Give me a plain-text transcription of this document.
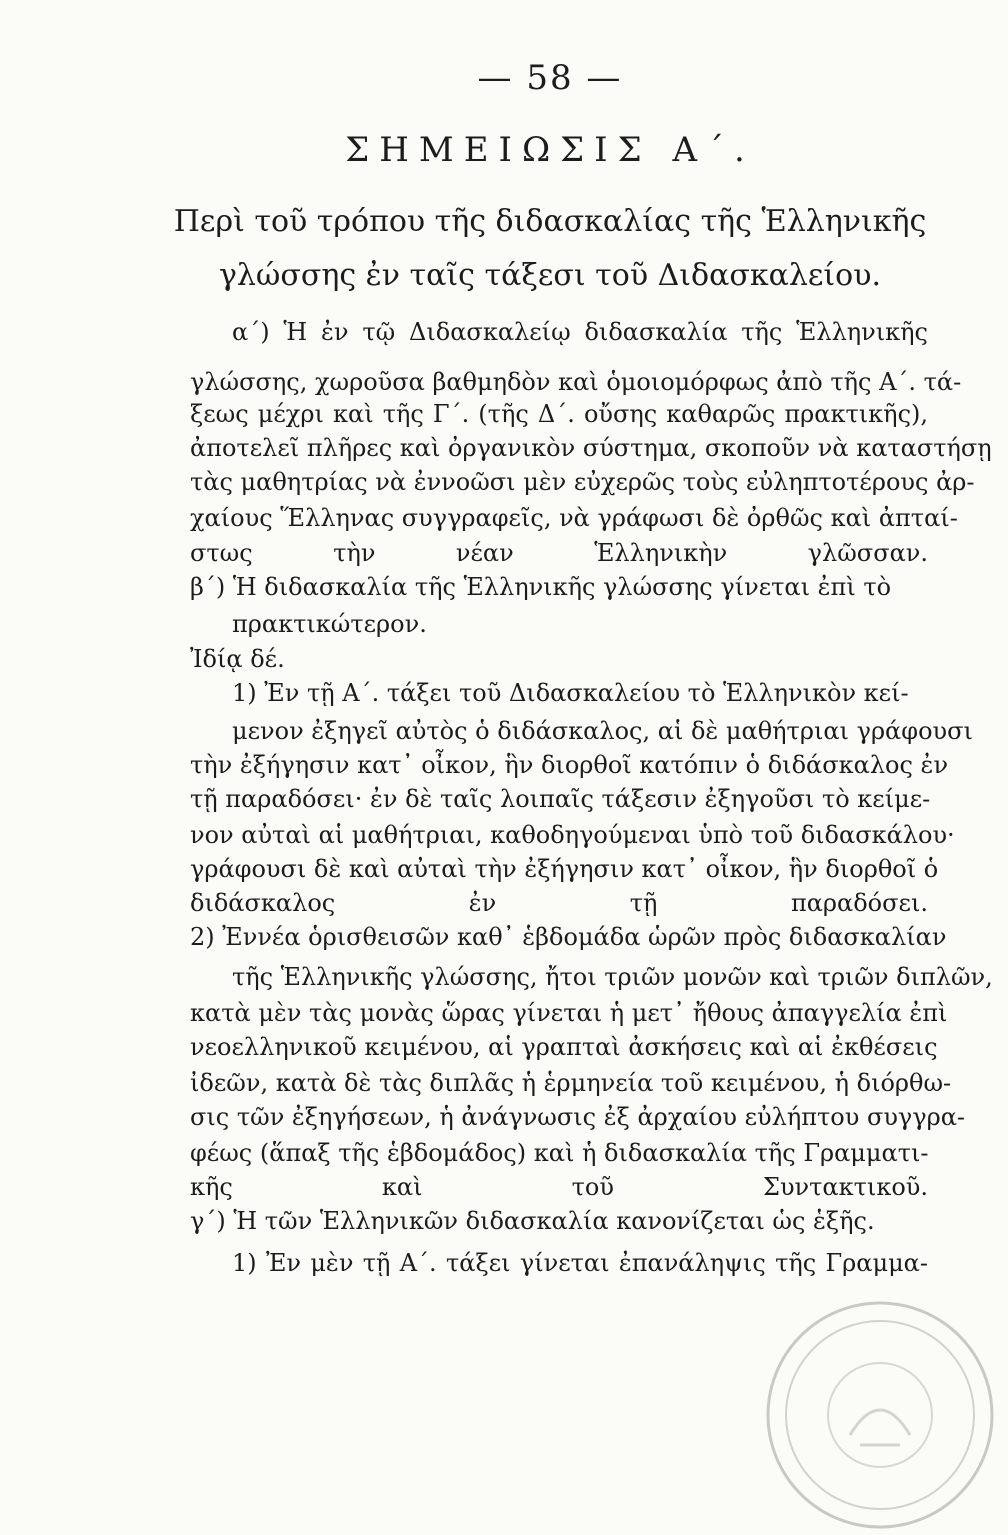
— 58 —
ΣΗΜΕΙΩΣΙΣ Α΄.
Περὶ τοῦ τρόπου τῆς διδασκαλίας τῆς Ἑλληνικῆς
γλώσσης ἐν ταῖς τάξεσι τοῦ Διδασκαλείου.
α΄) Ἡ ἐν τῷ Διδασκαλείῳ διδασκαλία τῆς Ἑλληνικῆς
γλώσσης, χωροῦσα βαθμηδὸν καὶ ὁμοιομόρφως ἀπὸ τῆς Α΄. τά-
ξεως μέχρι καὶ τῆς Γ΄. (τῆς Δ΄. οὔσης καθαρῶς πρακτικῆς),
ἀποτελεῖ πλῆρες καὶ ὀργανικὸν σύστημα, σκοποῦν νὰ καταστήσῃ
τὰς μαθητρίας νὰ ἐννοῶσι μὲν εὐχερῶς τοὺς εὐληπτοτέρους ἀρ-
χαίους Ἕλληνας συγγραφεῖς, νὰ γράφωσι δὲ ὀρθῶς καὶ ἀπταί-
στως τὴν νέαν Ἑλληνικὴν γλῶσσαν.
β΄) Ἡ διδασκαλία τῆς Ἑλληνικῆς γλώσσης γίνεται ἐπὶ τὸ
πρακτικώτερον.
Ἰδίᾳ δέ.
1) Ἐν τῇ Α΄. τάξει τοῦ Διδασκαλείου τὸ Ἑλληνικὸν κεί-
μενον ἐξηγεῖ αὐτὸς ὁ διδάσκαλος, αἱ δὲ μαθήτριαι γράφουσι
τὴν ἐξήγησιν κατ᾽ οἶκον, ἣν διορθοῖ κατόπιν ὁ διδάσκαλος ἐν
τῇ παραδόσει· ἐν δὲ ταῖς λοιπαῖς τάξεσιν ἐξηγοῦσι τὸ κείμε-
νον αὐταὶ αἱ μαθήτριαι, καθοδηγούμεναι ὑπὸ τοῦ διδασκάλου·
γράφουσι δὲ καὶ αὐταὶ τὴν ἐξήγησιν κατ᾽ οἶκον, ἣν διορθοῖ ὁ
διδάσκαλος ἐν τῇ παραδόσει.
2) Ἐννέα ὁρισθεισῶν καθ᾽ ἑβδομάδα ὡρῶν πρὸς διδασκαλίαν
τῆς Ἑλληνικῆς γλώσσης, ἤτοι τριῶν μονῶν καὶ τριῶν διπλῶν,
κατὰ μὲν τὰς μονὰς ὥρας γίνεται ἡ μετ᾽ ἤθους ἀπαγγελία ἐπὶ
νεοελληνικοῦ κειμένου, αἱ γραπταὶ ἀσκήσεις καὶ αἱ ἐκθέσεις
ἰδεῶν, κατὰ δὲ τὰς διπλᾶς ἡ ἑρμηνεία τοῦ κειμένου, ἡ διόρθω-
σις τῶν ἐξηγήσεων, ἡ ἀνάγνωσις ἐξ ἀρχαίου εὐλήπτου συγγρα-
φέως (ἅπαξ τῆς ἑβδομάδος) καὶ ἡ διδασκαλία τῆς Γραμματι-
κῆς καὶ τοῦ Συντακτικοῦ.
γ΄) Ἡ τῶν Ἑλληνικῶν διδασκαλία κανονίζεται ὡς ἑξῆς.
1) Ἐν μὲν τῇ Α΄. τάξει γίνεται ἐπανάληψις τῆς Γραμμα-
